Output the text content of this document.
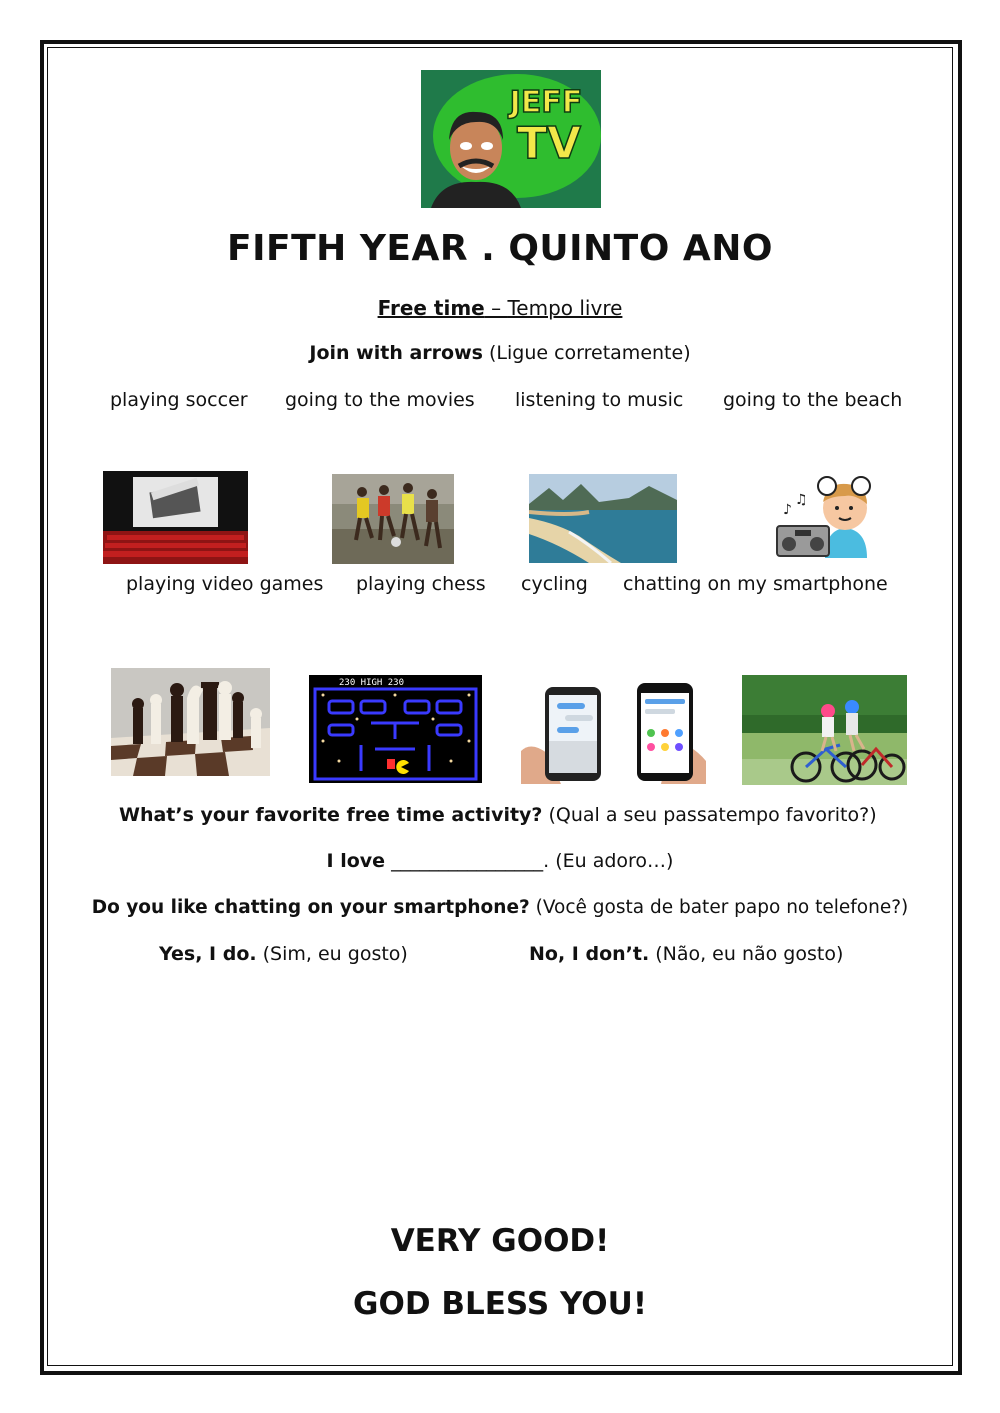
JEFF
TV
FIFTH YEAR . QUINTO ANO
Free time – Tempo livre
Join with arrows (Ligue corretamente)
playing soccer going to the movies listening to music going to the beach
♪
♫
playing video games playing chess cycling chatting on my smartphone
230 HIGH 230
What’s your favorite free time activity? (Qual a seu passatempo favorito?)
I love ________________. (Eu adoro…)
Do you like chatting on your smartphone? (Você gosta de bater papo no telefone?)
Yes, I do. (Sim, eu gosto)	No, I don’t. (Não, eu não gosto)
VERY GOOD!
GOD BLESS YOU!
